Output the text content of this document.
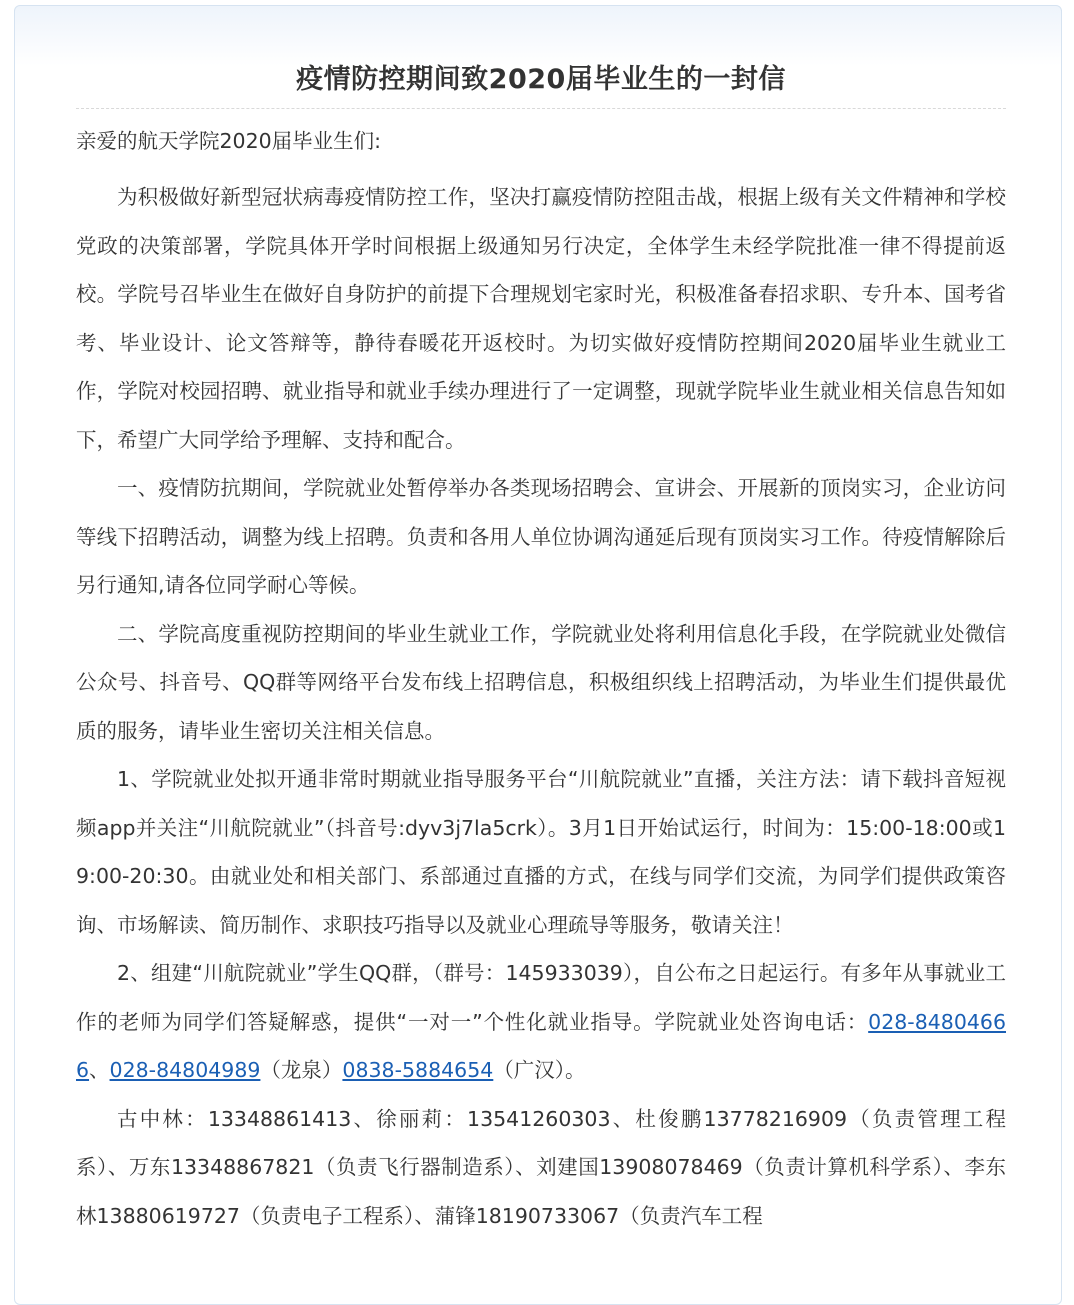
疫情防控期间致2020届毕业生的一封信
亲爱的航天学院2020届毕业生们:

为积极做好新型冠状病毒疫情防控工作，坚决打赢疫情防控阻击战，根据上级有关文件精神和学校党政的决策部署，学院具体开学时间根据上级通知另行决定，全体学生未经学院批准一律不得提前返校。学院号召毕业生在做好自身防护的前提下合理规划宅家时光，积极准备春招求职、专升本、国考省考、毕业设计、论文答辩等，静待春暖花开返校时。为切实做好疫情防控期间2020届毕业生就业工作，学院对校园招聘、就业指导和就业手续办理进行了一定调整，现就学院毕业生就业相关信息告知如下，希望广大同学给予理解、支持和配合。

一、疫情防抗期间，学院就业处暂停举办各类现场招聘会、宣讲会、开展新的顶岗实习，企业访问等线下招聘活动，调整为线上招聘。负责和各用人单位协调沟通延后现有顶岗实习工作。待疫情解除后另行通知,请各位同学耐心等候。

二、学院高度重视防控期间的毕业生就业工作，学院就业处将利用信息化手段，在学院就业处微信公众号、抖音号、QQ群等网络平台发布线上招聘信息，积极组织线上招聘活动，为毕业生们提供最优质的服务，请毕业生密切关注相关信息。

1、学院就业处拟开通非常时期就业指导服务平台“川航院就业”直播，关注方法：请下载抖音短视频app并关注“川航院就业”（抖音号:dyv3j7la5crk）。3月1日开始试运行，时间为：15:00-18:00或19:00-20:30。由就业处和相关部门、系部通过直播的方式，在线与同学们交流，为同学们提供政策咨询、市场解读、简历制作、求职技巧指导以及就业心理疏导等服务，敬请关注！

2、组建“川航院就业”学生QQ群，（群号：145933039），自公布之日起运行。有多年从事就业工作的老师为同学们答疑解惑，提供“一对一”个性化就业指导。学院就业处咨询电话：028-84804666、028-84804989（龙泉）0838-5884654（广汉）。

古中林：13348861413、徐丽莉：13541260303、杜俊鹏13778216909（负责管理工程系）、万东13348867821（负责飞行器制造系）、刘建国13908078469（负责计算机科学系）、李东林13880619727（负责电子工程系）、蒲锋18190733067（负责汽车工程
